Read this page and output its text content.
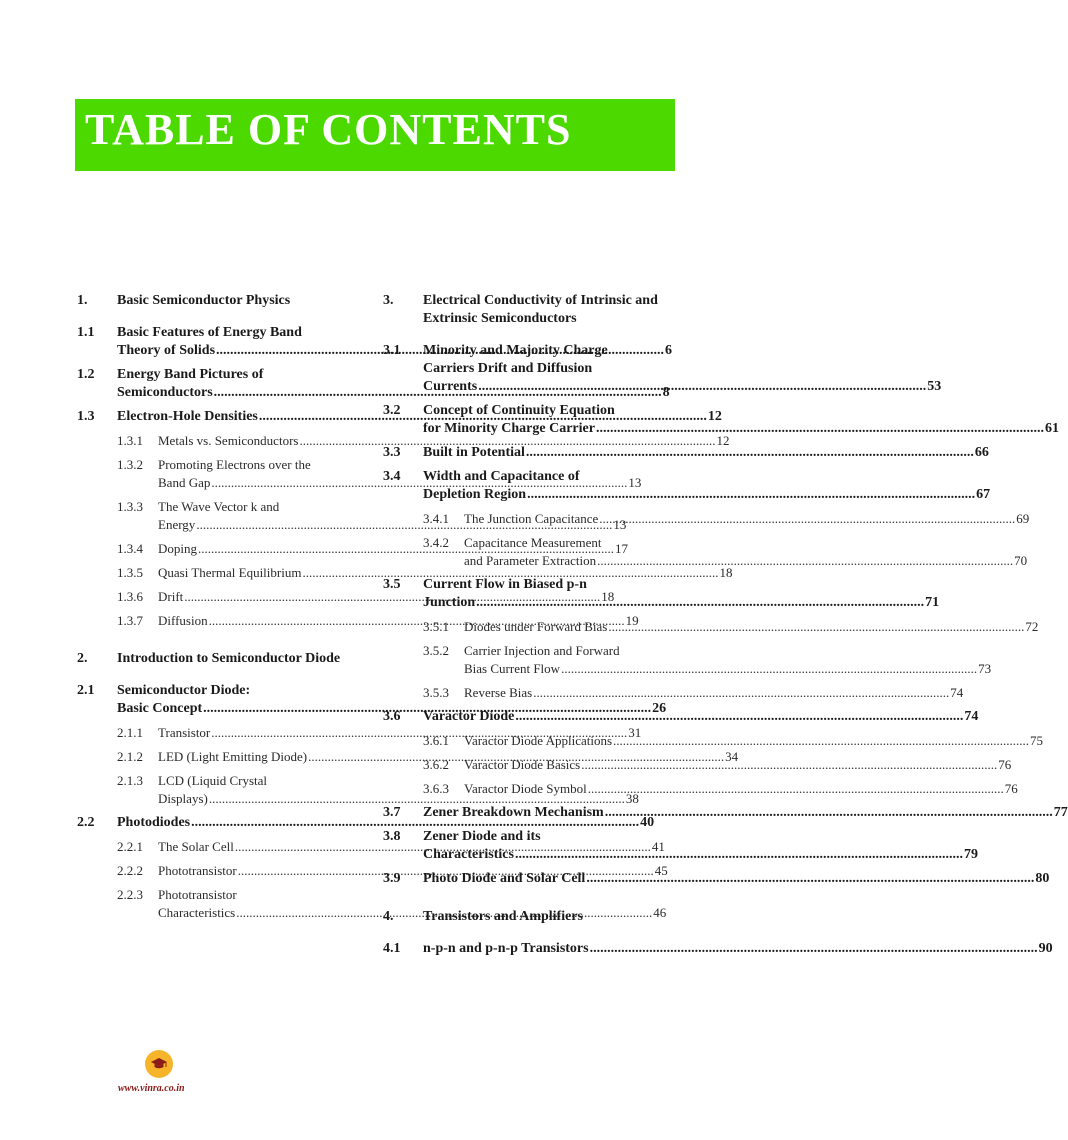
TABLE OF CONTENTS
1.	Basic Semiconductor Physics
1.1	Basic Features of Energy Band
Theory of Solids .....	6
1.2	Energy Band Pictures of
Semiconductors .....	8
1.3	Electron-Hole Densities .....	12
1.3.1	Metals vs. Semiconductors .....	12
1.3.2	Promoting Electrons over the
Band Gap .....	13
1.3.3	The Wave Vector k and
Energy .....	13
1.3.4	Doping .....	17
1.3.5	Quasi Thermal Equilibrium .....	18
1.3.6	Drift .....	18
1.3.7	Diffusion .....	19
2.	Introduction to Semiconductor Diode
2.1	Semiconductor Diode:
Basic Concept .....	26
2.1.1	Transistor .....	31
2.1.2	LED (Light Emitting Diode) .....	34
2.1.3	LCD (Liquid Crystal
Displays) .....	38
2.2	Photodiodes .....	40
2.2.1	The Solar Cell .....	41
2.2.2	Phototransistor .....	45
2.2.3	Phototransistor
Characteristics .....	46
3.	Electrical Conductivity of Intrinsic and Extrinsic Semiconductors
3.1	Minority and Majority Charge
Carriers Drift and Diffusion
Currents .....	53
3.2	Concept of Continuity Equation
for Minority Charge Carrier .....	61
3.3	Built in Potential .....	66
3.4	Width and Capacitance of
Depletion Region .....	67
3.4.1	The Junction Capacitance .....	69
3.4.2	Capacitance Measurement
and Parameter Extraction .....	70
3.5	Current Flow in Biased p-n
Junction .....	71
3.5.1	Diodes under Forward Bias .....	72
3.5.2	Carrier Injection and Forward
Bias Current Flow .....	73
3.5.3	Reverse Bias .....	74
3.6	Varactor Diode .....	74
3.6.1	Varactor Diode Applications .....	75
3.6.2	Varactor Diode Basics .....	76
3.6.3	Varactor Diode Symbol .....	76
3.7	Zener Breakdown Mechanism .....	77
3.8	Zener Diode and its
Characteristics .....	79
3.9	Photo Diode and Solar Cell .....	80
4.	Transistors and Amplifiers
4.1	n-p-n and p-n-p Transistors .....	90
www.vinra.co.in
